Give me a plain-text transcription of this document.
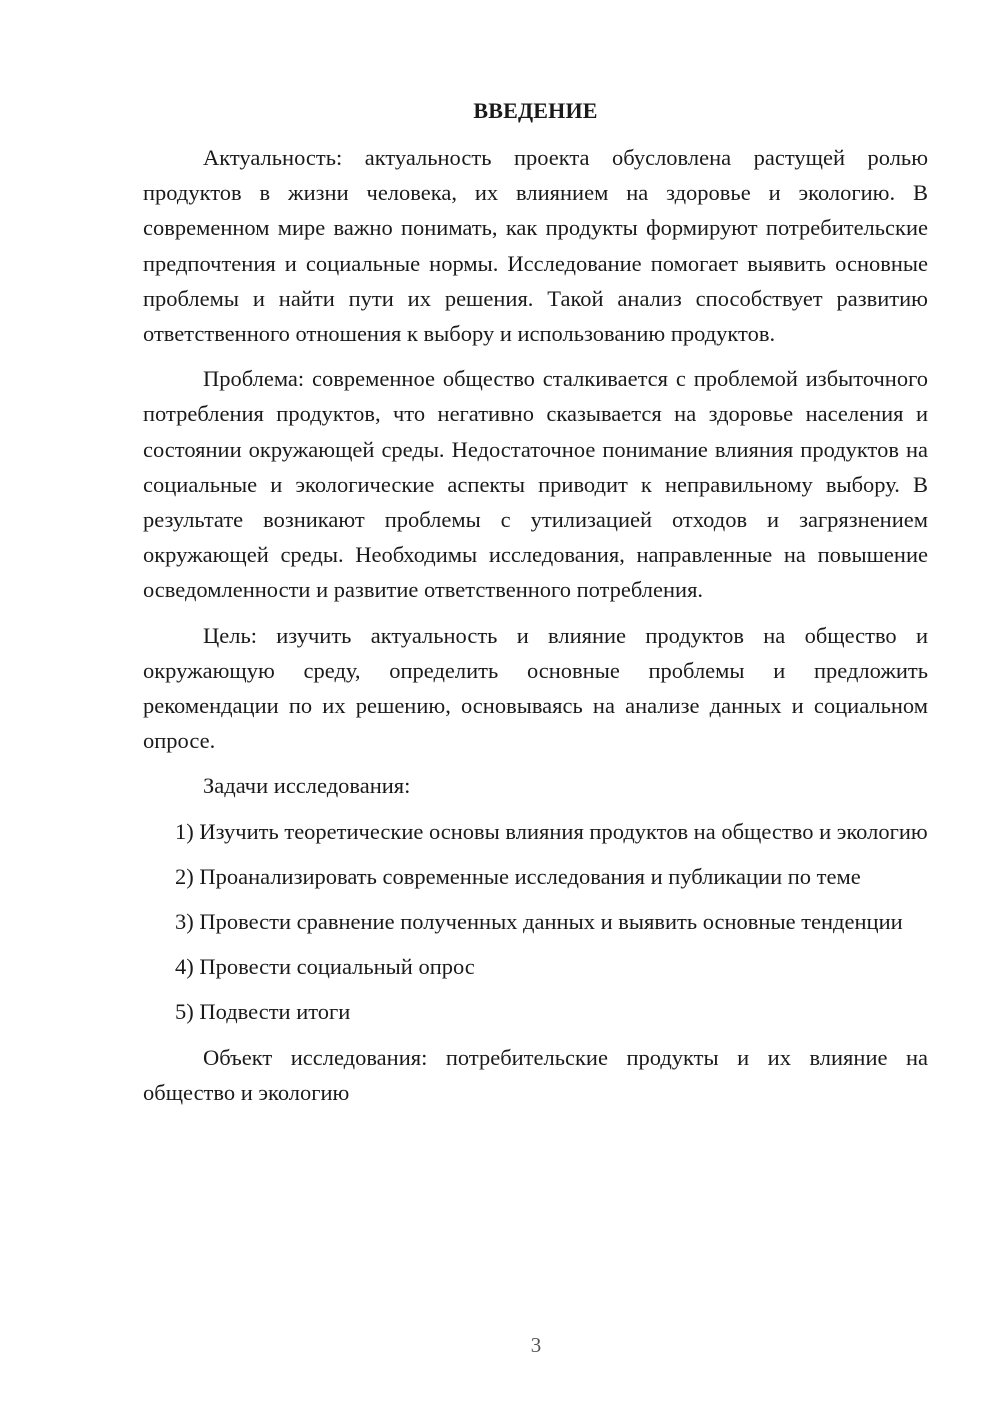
ВВЕДЕНИЕ

Актуальность: актуальность проекта обусловлена растущей ролью продуктов в жизни человека, их влиянием на здоровье и экологию. В современном мире важно понимать, как продукты формируют потребительские предпочтения и социальные нормы. Исследование помогает выявить основные проблемы и найти пути их решения. Такой анализ способствует развитию ответственного отношения к выбору и использованию продуктов.

Проблема: современное общество сталкивается с проблемой избыточного потребления продуктов, что негативно сказывается на здоровье населения и состоянии окружающей среды. Недостаточное понимание влияния продуктов на социальные и экологические аспекты приводит к неправильному выбору. В результате возникают проблемы с утилизацией отходов и загрязнением окружающей среды. Необходимы исследования, направленные на повышение осведомленности и развитие ответственного потребления.

Цель: изучить актуальность и влияние продуктов на общество и окружающую среду, определить основные проблемы и предложить рекомендации по их решению, основываясь на анализе данных и социальном опросе.

Задачи исследования:

1) Изучить теоретические основы влияния продуктов на общество и экологию

2) Проанализировать современные исследования и публикации по теме

3) Провести сравнение полученных данных и выявить основные тенденции

4) Провести социальный опрос

5) Подвести итоги

Объект исследования: потребительские продукты и их влияние на общество и экологию

3
